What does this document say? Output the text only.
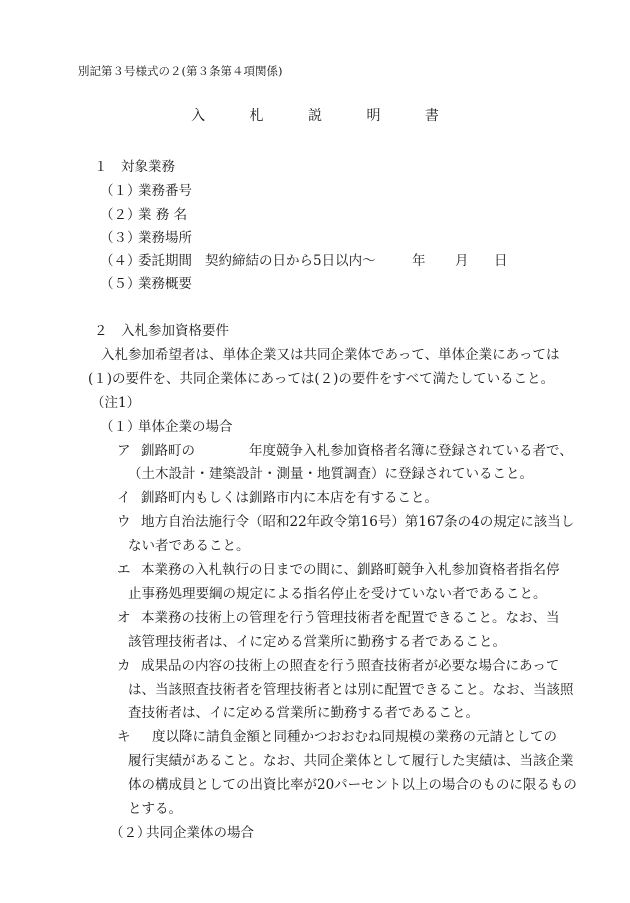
別記第３号様式の２(第３条第４項関係)
入	札	説	明	書
１　対象業務
（１）
業務番号
（２）
業 務 名
（３）
業務場所
（４）
委託期間 契約締結の日から5日以内〜	年 月 日
（５）
業務概要
２　入札参加資格要件
入札参加希望者は、単体企業又は共同企業体であって、単体企業にあっては
(１)の要件を、共同企業体にあっては(２)の要件をすべて満たしていること。
（注1）
（１）
単体企業の場合
ア 釧路町の	年度競争入札参加資格者名簿に登録されている者で、
（土木設計・建築設計・測量・地質調査）に登録されていること。
イ 釧路町内もしくは釧路市内に本店を有すること。
ウ 地方自治法施行令（昭和22年政令第16号）第167条の4の規定に該当し
ない者であること。
エ 本業務の入札執行の日までの間に、釧路町競争入札参加資格者指名停
止事務処理要綱の規定による指名停止を受けていない者であること。
オ 本業務の技術上の管理を行う管理技術者を配置できること。なお、当
該管理技術者は、イに定める営業所に勤務する者であること。
カ 成果品の内容の技術上の照査を行う照査技術者が必要な場合にあって
は、当該照査技術者を管理技術者とは別に配置できること。なお、当該照
査技術者は、イに定める営業所に勤務する者であること。
キ 度以降に請負金額と同種かつおおむね同規模の業務の元請としての
履行実績があること。なお、共同企業体として履行した実績は、当該企業
体の構成員としての出資比率が20パーセント以上の場合のものに限るもの
とする。
（２）
共同企業体の場合
